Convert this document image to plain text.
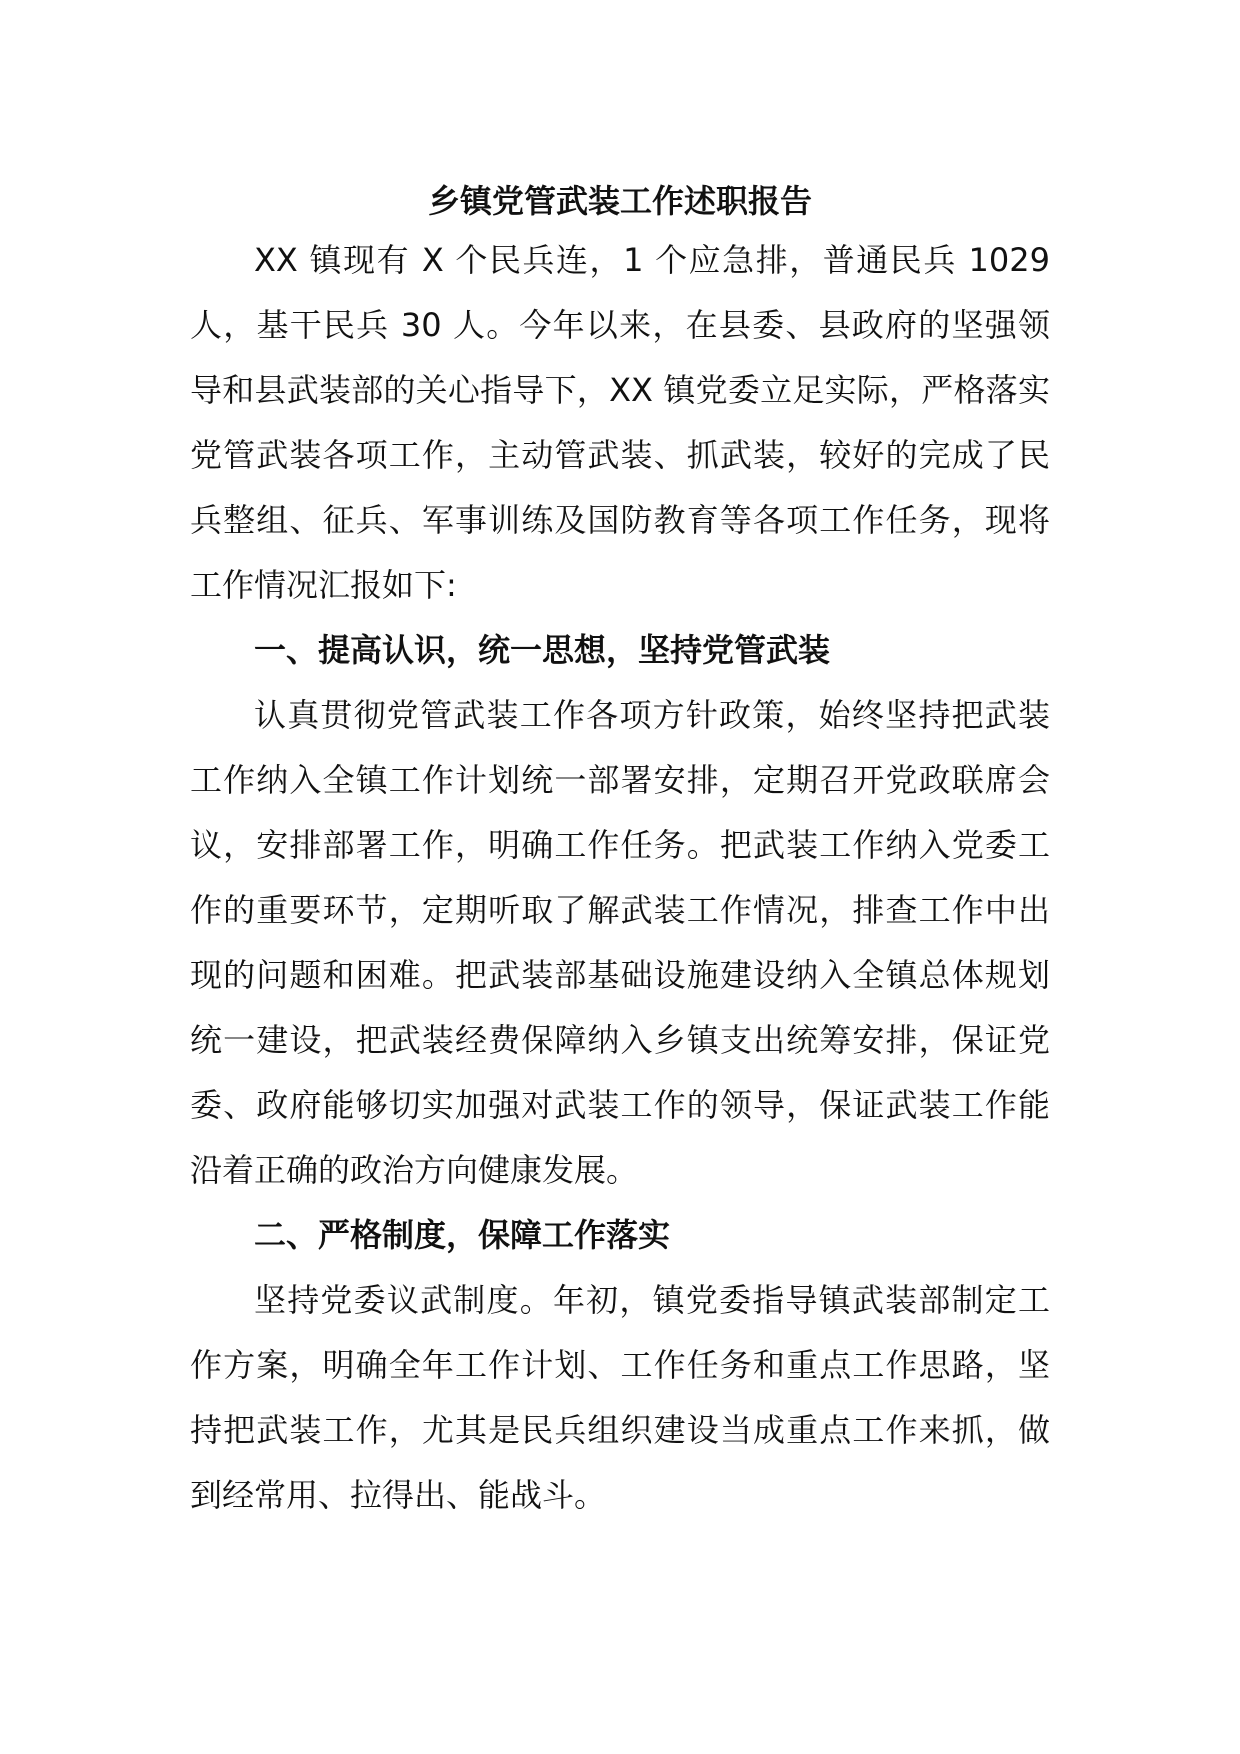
乡镇党管武装工作述职报告

XX 镇现有 X 个民兵连，1 个应急排，普通民兵 1029 人，基干民兵 30 人。今年以来，在县委、县政府的坚强领导和县武装部的关心指导下，XX 镇党委立足实际，严格落实党管武装各项工作，主动管武装、抓武装，较好的完成了民兵整组、征兵、军事训练及国防教育等各项工作任务，现将工作情况汇报如下:

一、提高认识，统一思想，坚持党管武装

认真贯彻党管武装工作各项方针政策，始终坚持把武装工作纳入全镇工作计划统一部署安排，定期召开党政联席会议，安排部署工作，明确工作任务。把武装工作纳入党委工作的重要环节，定期听取了解武装工作情况，排查工作中出现的问题和困难。把武装部基础设施建设纳入全镇总体规划统一建设，把武装经费保障纳入乡镇支出统筹安排，保证党委、政府能够切实加强对武装工作的领导，保证武装工作能沿着正确的政治方向健康发展。

二、严格制度，保障工作落实

坚持党委议武制度。年初，镇党委指导镇武装部制定工作方案，明确全年工作计划、工作任务和重点工作思路，坚持把武装工作，尤其是民兵组织建设当成重点工作来抓，做到经常用、拉得出、能战斗。
